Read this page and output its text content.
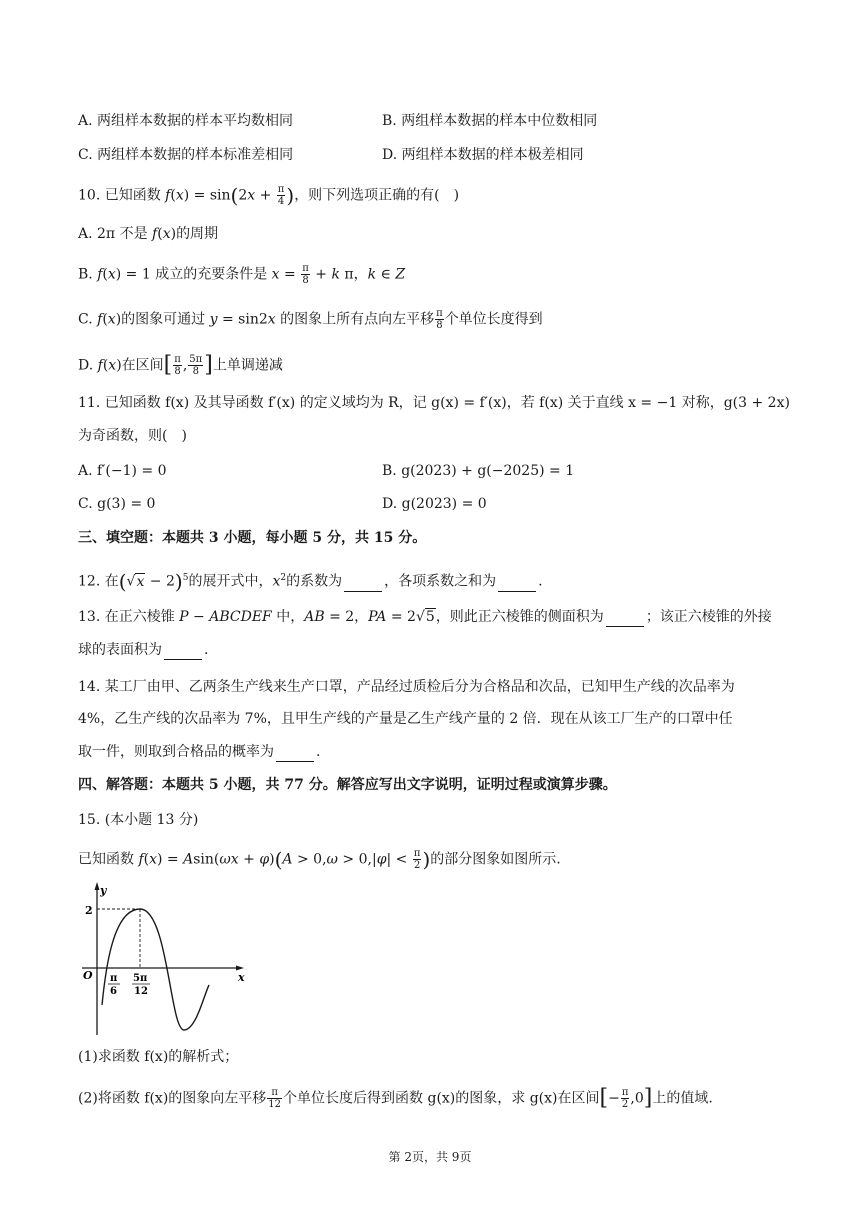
A. 两组样本数据的样本平均数相同	B. 两组样本数据的样本中位数相同
C. 两组样本数据的样本标准差相同	D. 两组样本数据的样本极差相同
10. 已知函数 $f(x) = \sin(2x + \frac{\pi}{4}$ )，则下列选项正确的有(　)
A. 2π 不是 f(x)的周期
B. f(x) = 1 成立的充要条件是 $x = \frac{\pi}{8} + k$ π，k ∈ Z
C. f(x)的图象可通过 y = sin2x 的图象上所有点向左平移 $\frac{\pi}{8}$ 个单位长度得到
D. f(x)在区间[ $\frac{\pi}{8}$ , $\frac{5\pi}{8}$ ]上单调递减
11. 已知函数 f(x) 及其导函数 f′(x) 的定义域均为 R，记 g(x) = f′(x)，若 f(x) 关于直线 x = −1 对称，g(3 + 2x)
为奇函数，则(　)
A. f′(−1) = 0	B. g(2023) + g(−2025) = 1
C. g(3) = 0	D. g(2023) = 0
三、填空题：本题共 3 小题，每小题 5 分，共 15 分。
12. 在$(√x - 2)^5$的展开式中，$x^2$的系数为	，各项系数之和为	.
13. 在正六棱锥 P − ABCDEF 中，AB = 2，PA = 2√5，则此正六棱锥的侧面积为	；该正六棱锥的外接
球的表面积为	.
14. 某工厂由甲、乙两条生产线来生产口罩，产品经过质检后分为合格品和次品，已知甲生产线的次品率为
4%，乙生产线的次品率为 7%，且甲生产线的产量是乙生产线产量的 2 倍．现在从该工厂生产的口罩中任
取一件，则取到合格品的概率为	.
四、解答题：本题共 5 小题，共 77 分。解答应写出文字说明，证明过程或演算步骤。
15. (本小题 13 分)
已知函数 $f(x) = Asin(\omega x + \varphi)(A > 0,\omega > 0,|\varphi| < \frac{\pi}{2}$ )的部分图象如图所示.
y
x
O
2
π
6
5π
12
(1)求函数 f(x)的解析式；
(2)将函数 f(x)的图象向左平移 $\frac{\pi}{12}$ 个单位长度后得到函数 g(x)的图象，求 g(x)在区间[− $\frac{\pi}{2} ,0$]上的值域.
第 2页，共 9页
